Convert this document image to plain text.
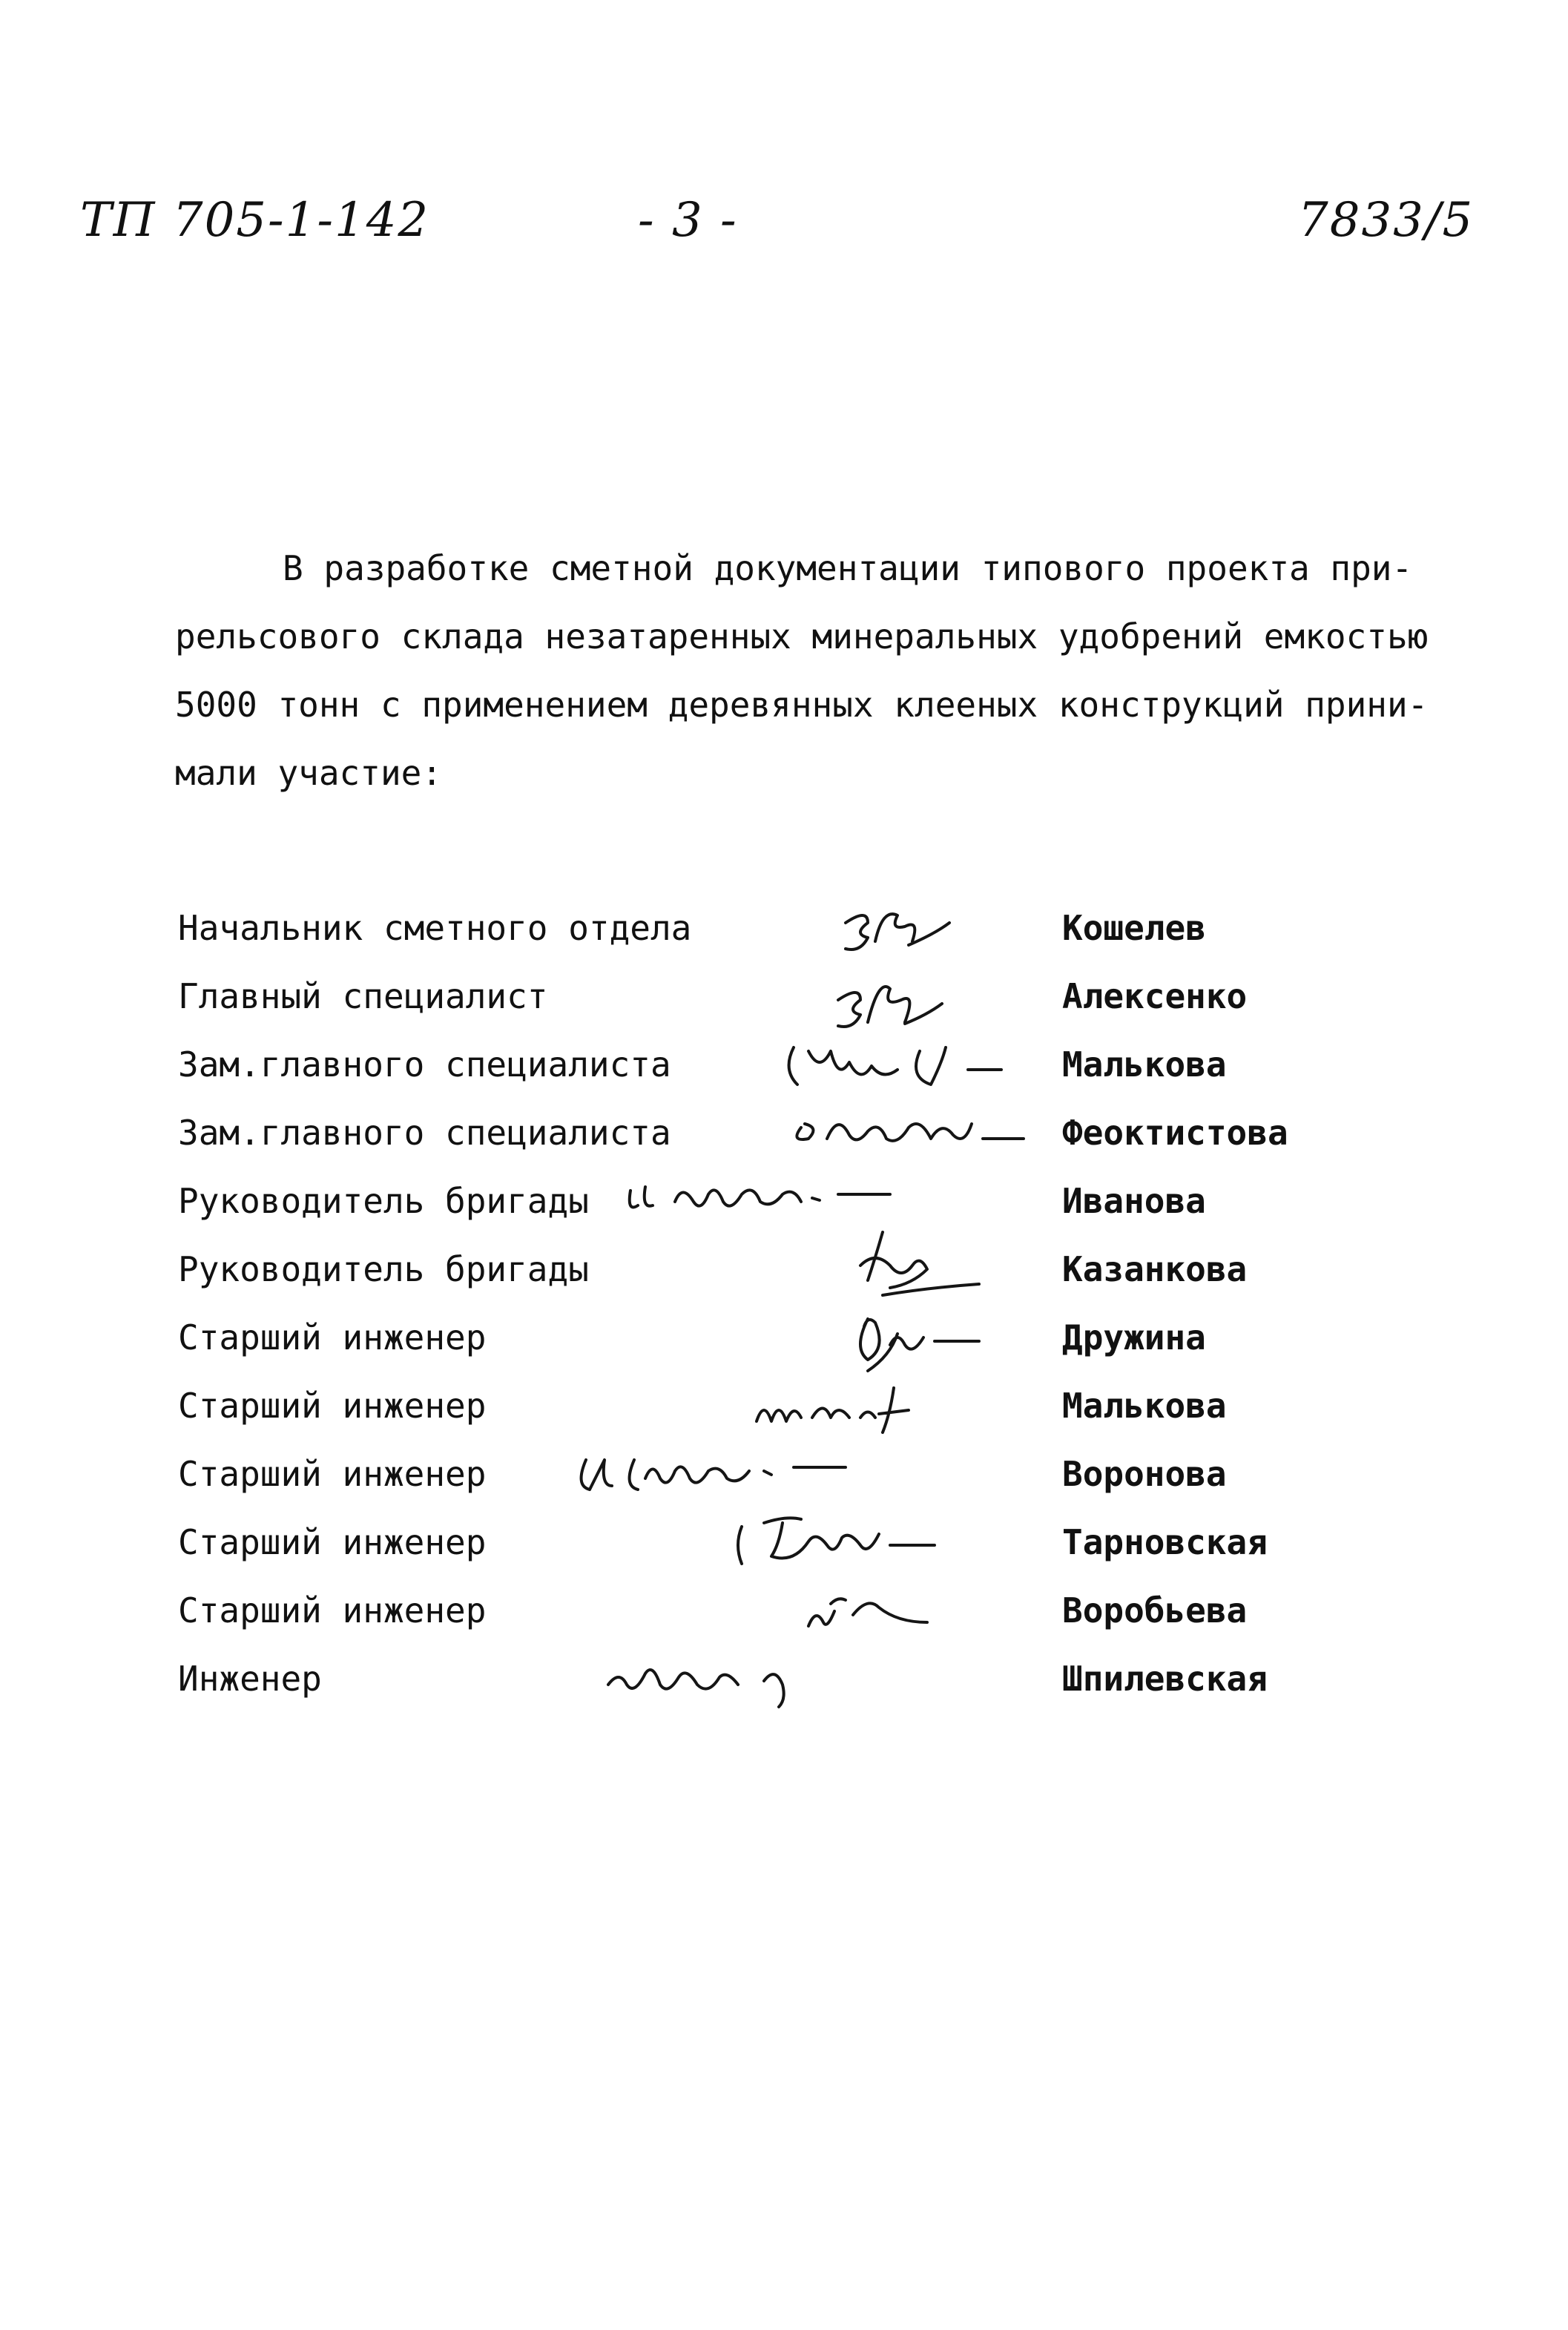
ТП 705-1-142	- 3 -	7833/5
В разработке сметной документации типового проекта при-
рельсового склада незатаренных минеральных удобрений емкостью
5000 тонн с применением деревянных клееных конструкций прини-
мали участие:
Начальник сметного отдела	Кошелев
Главный специалист	Алексенко
Зам.главного специалиста	Малькова
Зам.главного специалиста	Феоктистова
Руководитель бригады	Иванова
Руководитель бригады	Казанкова
Старший инженер	Дружина
Старший инженер	Малькова
Старший инженер	Воронова
Старший инженер	Тарновская
Старший инженер	Воробьева
Инженер	Шпилевская
